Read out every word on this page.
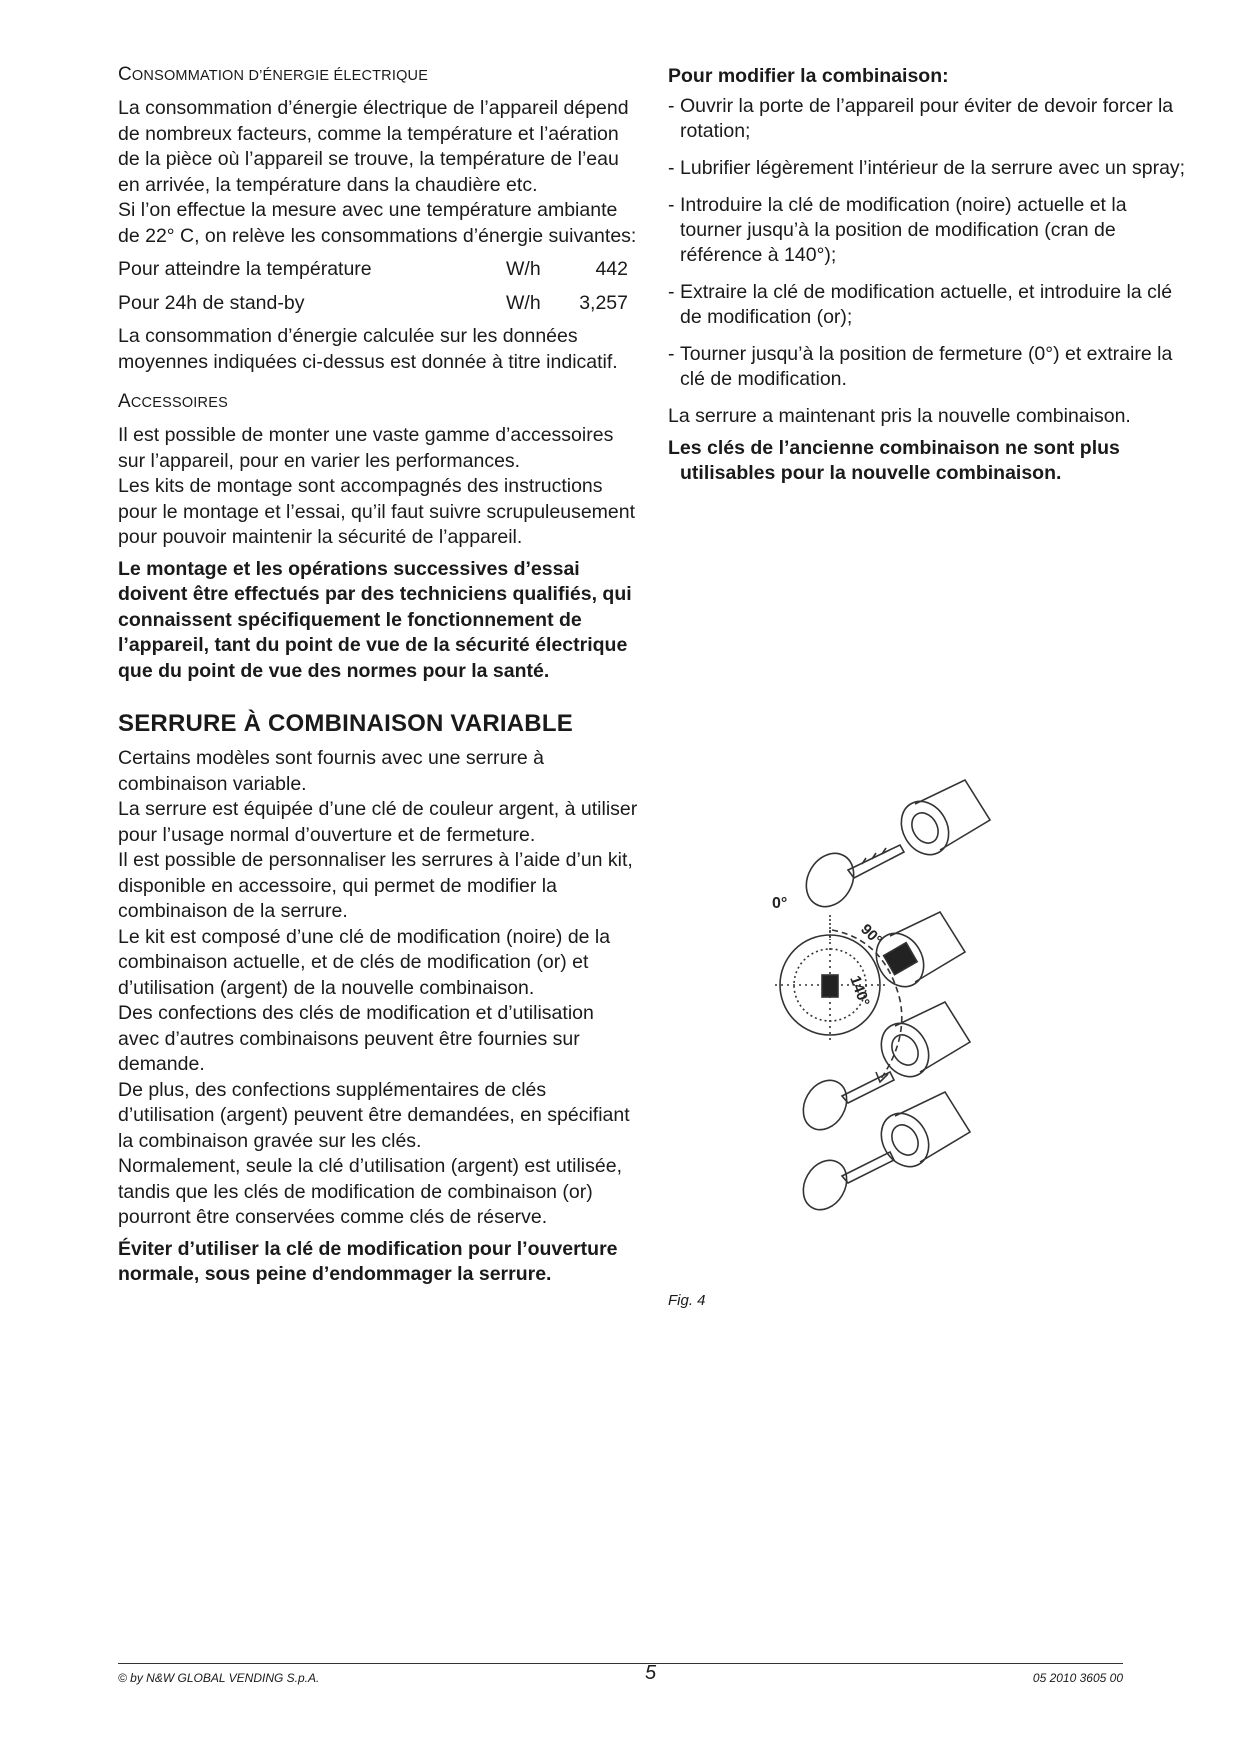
CONSOMMATION D’ÉNERGIE ÉLECTRIQUE

La consommation d’énergie électrique de l’appareil dépend de nombreux facteurs, comme la température et l’aération de la pièce où l’appareil se trouve, la température de l’eau en arrivée, la température dans la chaudière etc.

Si l’on effectue la mesure avec une température ambiante de 22° C, on relève les consommations d’énergie suivantes:

Pour atteindre la température	W/h	442
Pour 24h de stand-by	W/h	3,257

La consommation d’énergie calculée sur les données moyennes indiquées ci-dessus est donnée à titre indicatif.

ACCESSOIRES

Il est possible de monter une vaste gamme d’accessoires sur l’appareil, pour en varier les performances.

Les kits de montage sont accompagnés des instructions pour le montage et l’essai, qu’il faut suivre scrupuleusement pour pouvoir maintenir la sécurité de l’appareil.

Le montage et les opérations successives d’essai doivent être effectués par des techniciens qualifiés, qui connaissent spécifiquement le fonctionnement de l’appareil, tant du point de vue de la sécurité électrique que du point de vue des normes pour la santé.

SERRURE À COMBINAISON VARIABLE

Certains modèles sont fournis avec une serrure à combinaison variable.

La serrure est équipée d’une clé de couleur argent, à utiliser pour l’usage normal d’ouverture et de fermeture.

Il est possible de personnaliser les serrures à l’aide d’un kit, disponible en accessoire, qui permet de modifier la combinaison de la serrure.

Le kit est composé d’une clé de modification (noire) de la combinaison actuelle, et de clés de modification (or) et d’utilisation (argent) de la nouvelle combinaison.

Des confections des clés de modification et d’utilisation avec d’autres combinaisons peuvent être fournies sur demande.

De plus, des confections supplémentaires de clés d’utilisation (argent) peuvent être demandées, en spécifiant la combinaison gravée sur les clés.

Normalement, seule la clé d’utilisation (argent) est utilisée, tandis que les clés de modification de combinaison (or) pourront être conservées comme clés de réserve.

Éviter d’utiliser la clé de modification pour l’ouverture normale, sous peine d’endommager la serrure.

Pour modifier la combinaison:
- Ouvrir la porte de l’appareil pour éviter de devoir forcer la rotation;
- Lubrifier légèrement l’intérieur de la serrure avec un spray;
- Introduire la clé de modification (noire) actuelle et la tourner jusqu’à la position de modification (cran de référence à 140°);
- Extraire la clé de modification actuelle, et introduire la clé de modification (or);
- Tourner jusqu’à la position de fermeture (0°) et extraire la clé de modification.

La serrure a maintenant pris la nouvelle combinaison.

Les clés de l’ancienne combinaison ne sont plus utilisables pour la nouvelle combinaison.

0°
90°
140°
Fig. 4
© by N&W GLOBAL VENDING S.p.A.	5	05 2010 3605 00
